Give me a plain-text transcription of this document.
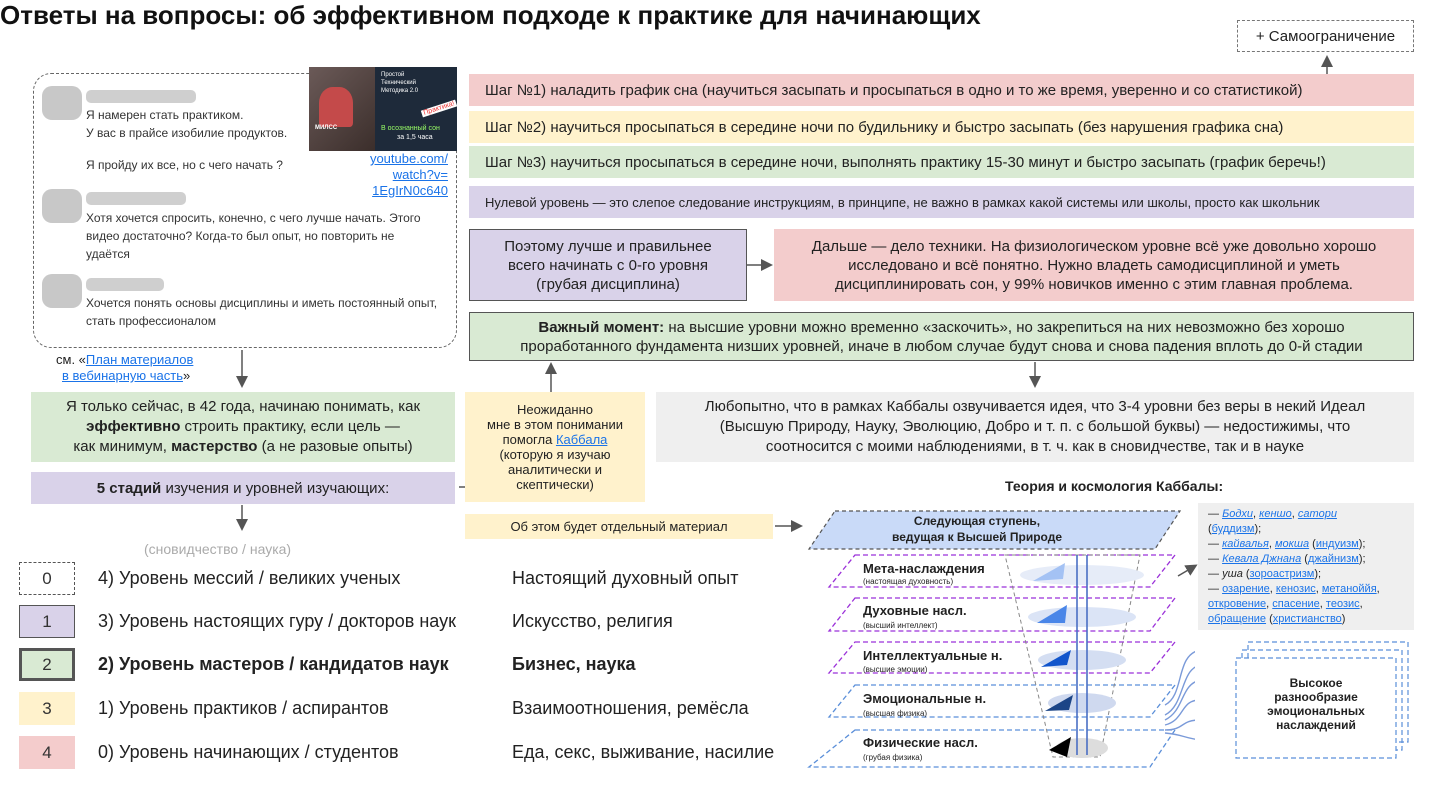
Ответы на вопросы: об эффективном подходе к практике для начинающих
+ Самоограничение
Шаг №1) наладить график сна (научиться засыпать и просыпаться в одно и то же время, уверенно и со статистикой)
Шаг №2) научиться просыпаться в середине ночи по будильнику и быстро засыпать (без нарушения графика сна)
Шаг №3) научиться просыпаться в середине ночи, выполнять практику 15-30 минут и быстро засыпать (график беречь!)
Нулевой уровень — это слепое следование инструкциям, в принципе, не важно в рамках какой системы или школы, просто как школьник
Я намерен стать практиком.
У вас в прайсе изобилие продуктов.
Я пройду их все, но с чего начать ?
Хотя хочется спросить, конечно, с чего лучше начать. Этого видео достаточно? Когда-то был опыт, но повторить не удаётся
Хочется понять основы дисциплины и иметь постоянный опыт, стать профессионалом
Простой Технический Методика 2.0
Практика!
МИЛСС	В осознанный сон
за 1,5 часа
youtube.com/
watch?v=
1EgIrN0c640
см. «План материалов
в вебинарную часть»
Поэтому лучше и правильнее
всего начинать с 0-го уровня
(грубая дисциплина)
Дальше — дело техники. На физиологическом уровне всё уже довольно хорошо исследовано и всё понятно. Нужно владеть самодисциплиной и уметь дисциплинировать сон, у 99% новичков именно с этим главная проблема.
Важный момент: на высшие уровни можно временно «заскочить», но закрепиться на них невозможно без хорошо проработанного фундамента низших уровней, иначе в любом случае будут снова и снова падения вплоть до 0-й стадии
Я только сейчас, в 42 года, начинаю понимать, как
эффективно строить практику, если цель —
как минимум, мастерство (а не разовые опыты)
5 стадий изучения и уровней изучающих:
Неожиданно
мне в этом понимании
помогла Каббала
(которую я изучаю
аналитически и
скептически)
Любопытно, что в рамках Каббалы озвучивается идея, что 3-4 уровни без веры в некий Идеал (Высшую Природу, Науку, Эволюцию, Добро и т. п. с большой буквы) — недостижимы, что соотносится с моими наблюдениями, в т. ч. как в сновидчестве, так и в науке
Об этом будет отдельный материал
(сновидчество / наука)
0	4) Уровень мессий / великих ученых	Настоящий духовный опыт
1	3) Уровень настоящих гуру / докторов наук	Искусство, религия
2	2) Уровень мастеров / кандидатов наук	Бизнес, наука
3	1) Уровень практиков / аспирантов	Взаимоотношения, ремёсла
4	0) Уровень начинающих / студентов	Еда, секс, выживание, насилие
Теория и космология Каббалы:
Следующая ступень,
ведущая к Высшей Природе
Мета-наслаждения
(настоящая духовность)
Духовные насл.
(высший интеллект)
Интеллектуальные н.
(высшие эмоции)
Эмоциональные н.
(высшая физика)
Физические насл.
(грубая физика)
— Бодхи, кеншо, сатори
(буддизм);
— кайвалья, мокша (индуизм);
— Кевала Джнана (джайнизм);
— уша (зороастризм);
— озарение, кенозис, метаноййя,
откровение, спасение, теозис,
обращение (христианство)
Высокое
разнообразие
эмоциональных
наслаждений
